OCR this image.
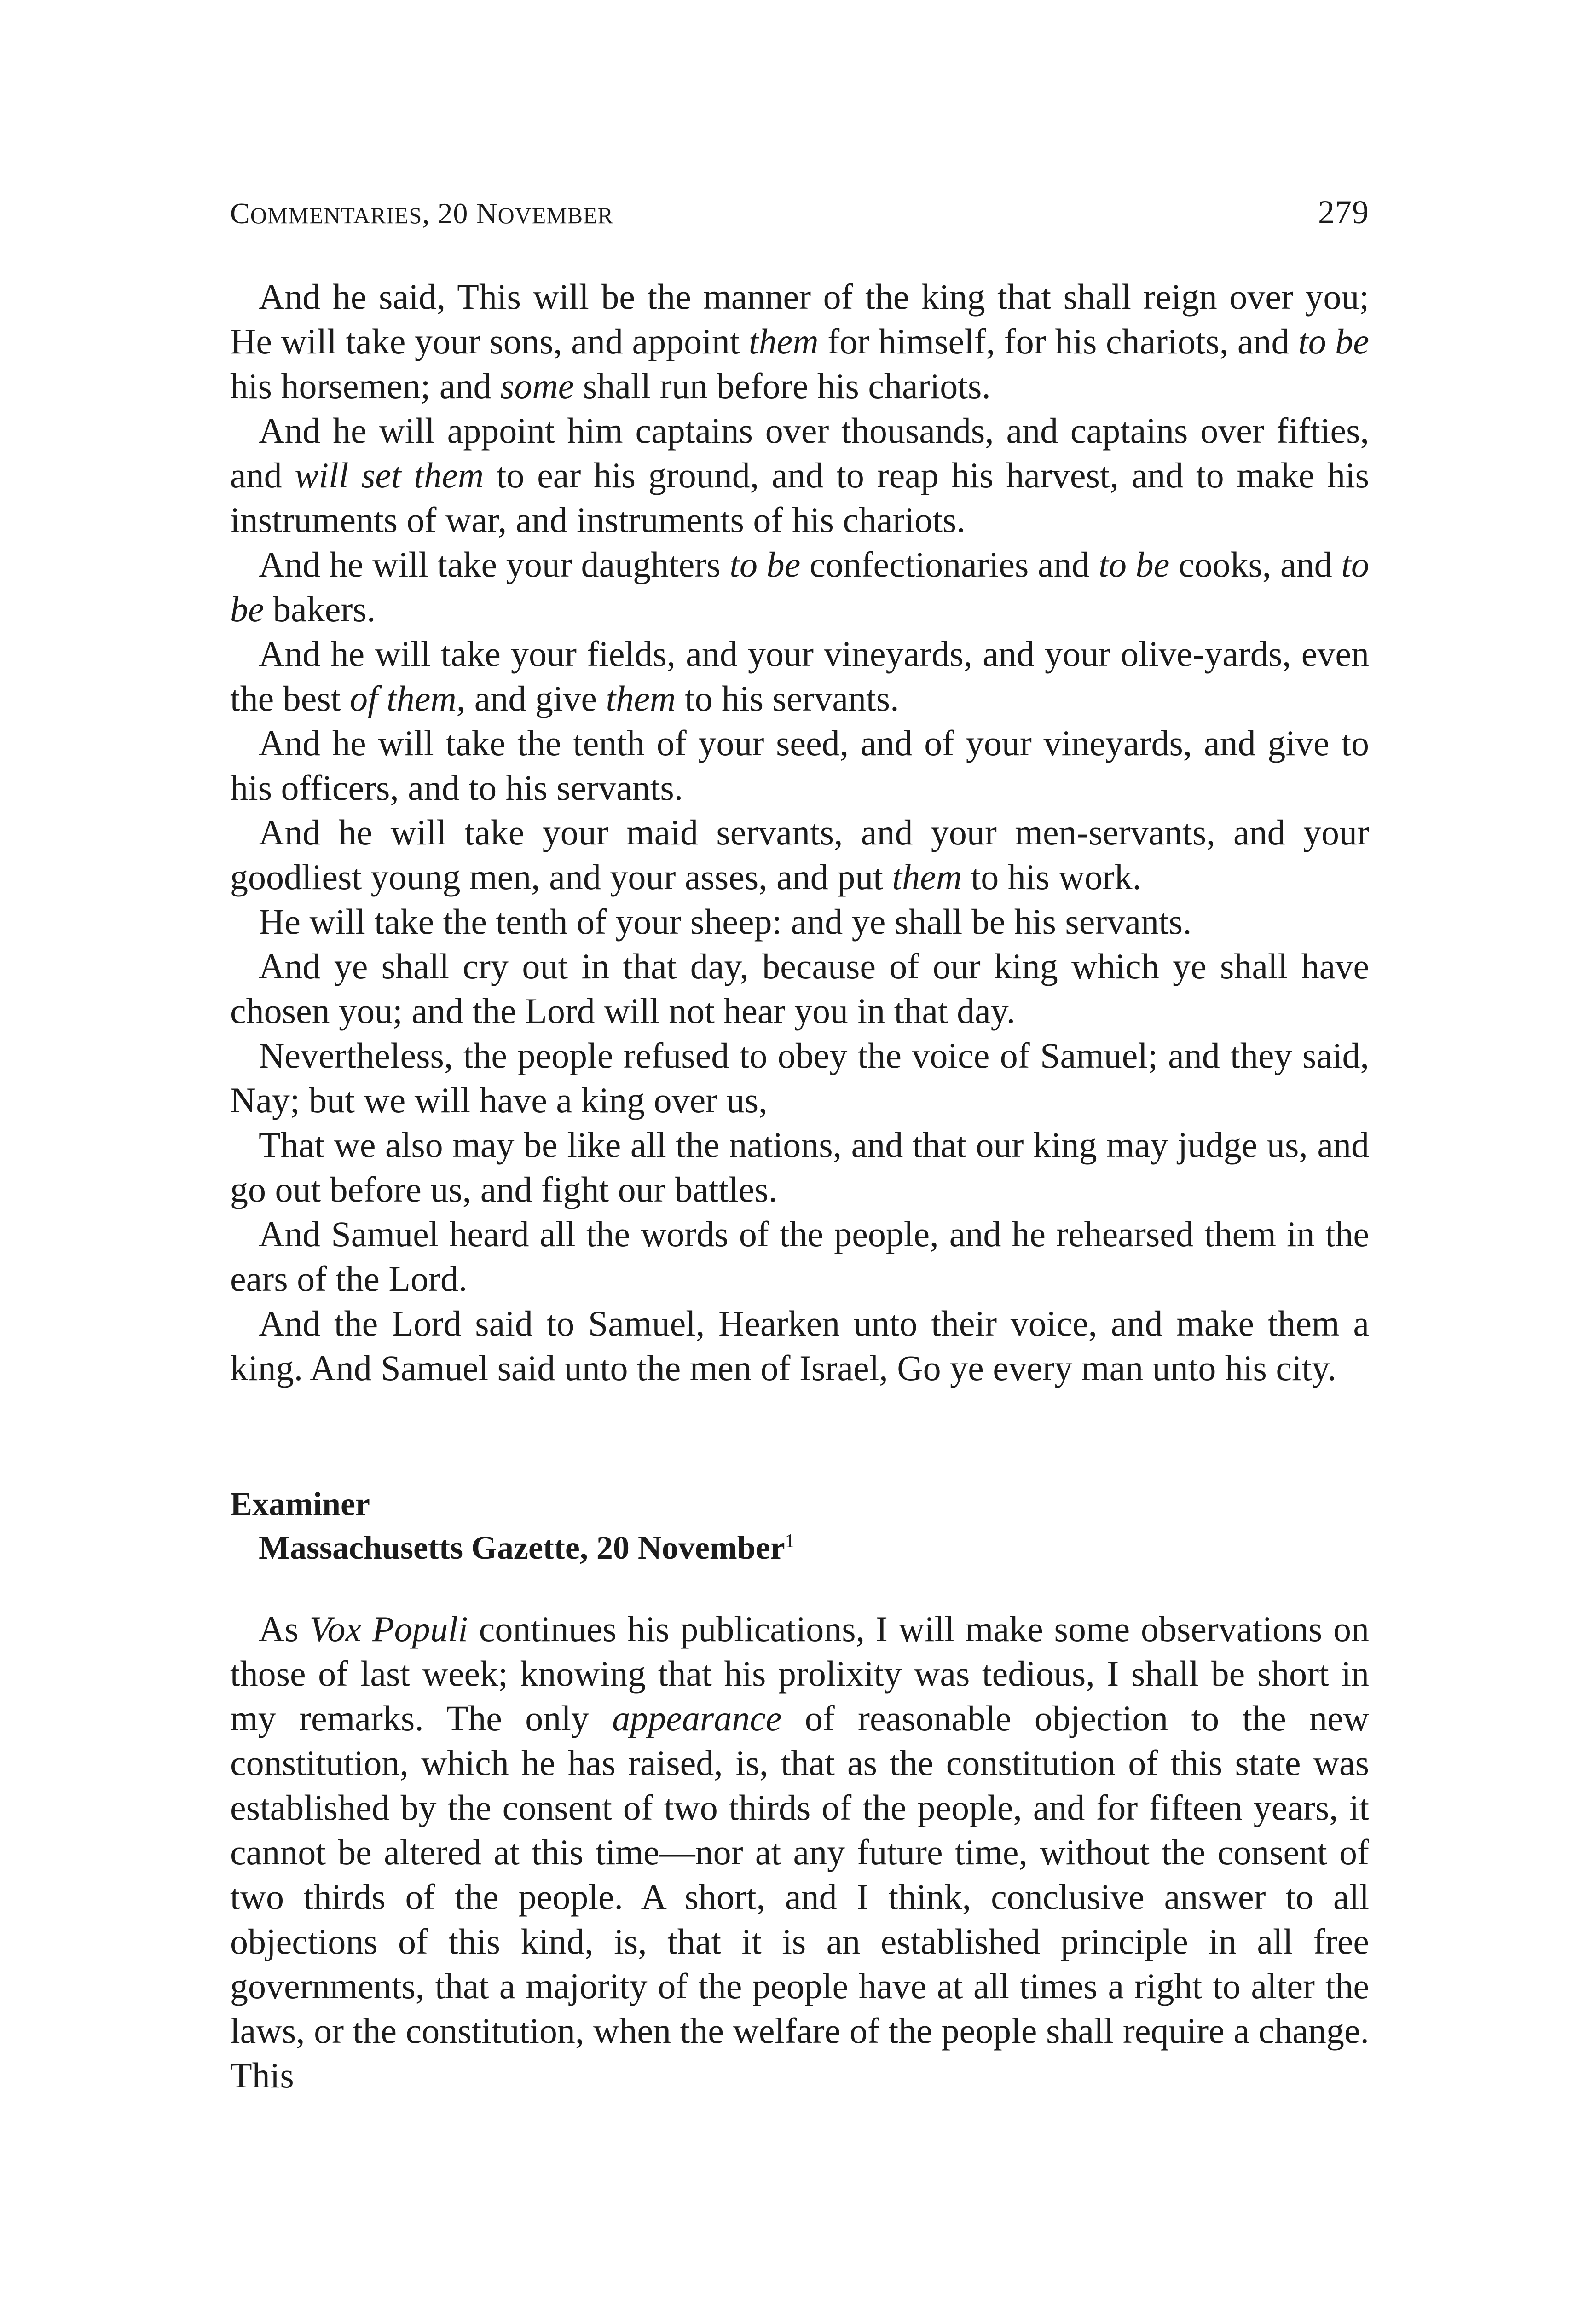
COMMENTARIES, 20 NOVEMBER	279

And he said, This will be the manner of the king that shall reign over you; He will take your sons, and appoint them for himself, for his chariots, and to be his horsemen; and some shall run before his chariots.

And he will appoint him captains over thousands, and captains over fifties, and will set them to ear his ground, and to reap his harvest, and to make his instruments of war, and instruments of his chariots.

And he will take your daughters to be confectionaries and to be cooks, and to be bakers.

And he will take your fields, and your vineyards, and your olive-yards, even the best of them, and give them to his servants.

And he will take the tenth of your seed, and of your vineyards, and give to his officers, and to his servants.

And he will take your maid servants, and your men-servants, and your goodliest young men, and your asses, and put them to his work.

He will take the tenth of your sheep: and ye shall be his servants.

And ye shall cry out in that day, because of our king which ye shall have chosen you; and the Lord will not hear you in that day.

Nevertheless, the people refused to obey the voice of Samuel; and they said, Nay; but we will have a king over us,

That we also may be like all the nations, and that our king may judge us, and go out before us, and fight our battles.

And Samuel heard all the words of the people, and he rehearsed them in the ears of the Lord.

And the Lord said to Samuel, Hearken unto their voice, and make them a king. And Samuel said unto the men of Israel, Go ye every man unto his city.

Examiner

Massachusetts Gazette, 20 November$^1$

As Vox Populi continues his publications, I will make some observations on those of last week; knowing that his prolixity was tedious, I shall be short in my remarks. The only appearance of reasonable objection to the new constitution, which he has raised, is, that as the constitution of this state was established by the consent of two thirds of the people, and for fifteen years, it cannot be altered at this time—nor at any future time, without the consent of two thirds of the people. A short, and I think, conclusive answer to all objections of this kind, is, that it is an established principle in all free governments, that a majority of the people have at all times a right to alter the laws, or the constitution, when the welfare of the people shall require a change. This
